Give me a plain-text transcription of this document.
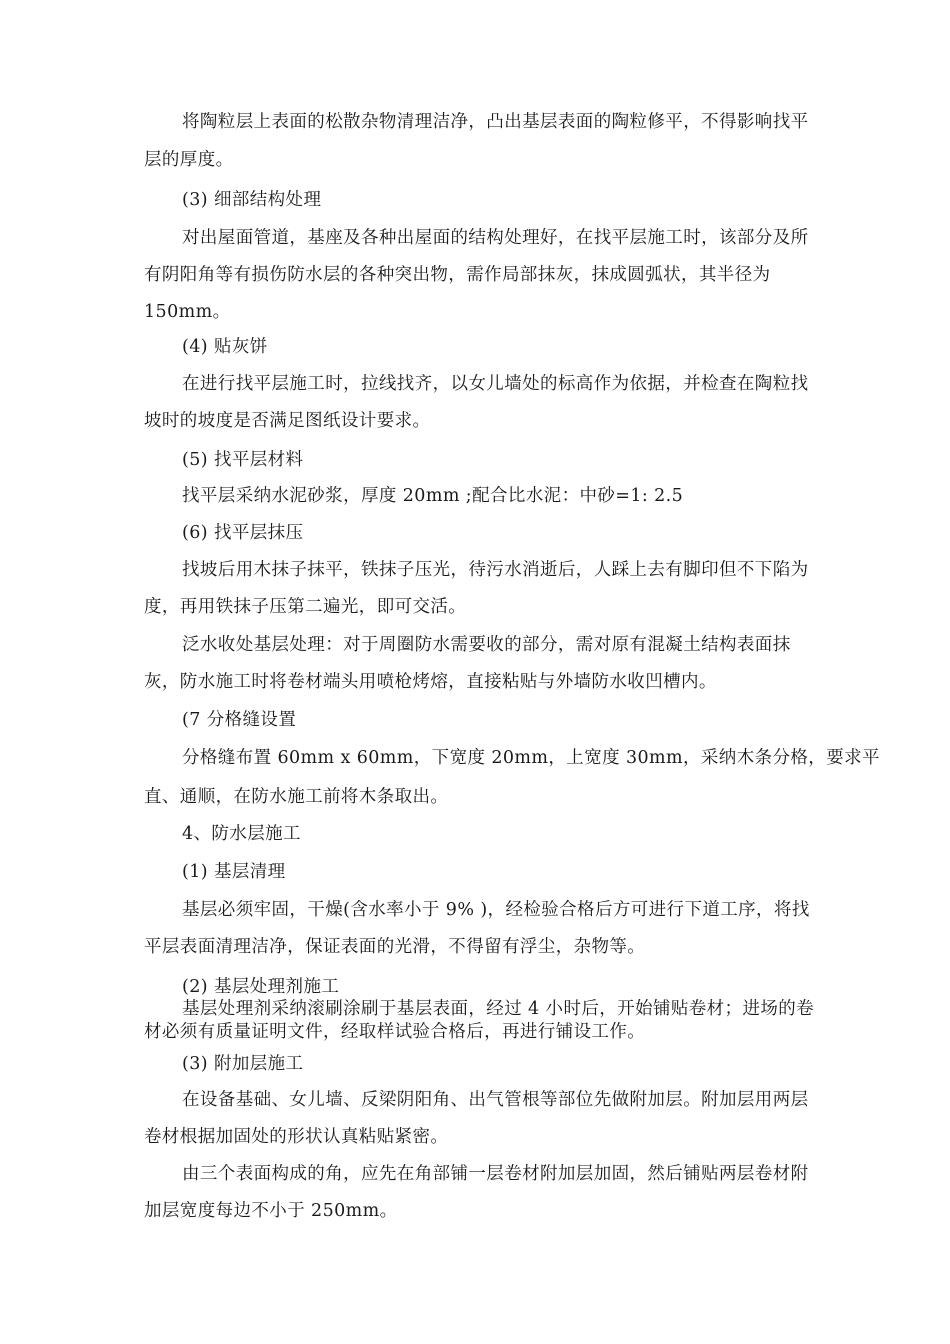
将陶粒层上表面的松散杂物清理洁净，凸出基层表面的陶粒修平，不得影响找平
层的厚度。
(3) 细部结构处理
对出屋面管道，基座及各种出屋面的结构处理好，在找平层施工时，该部分及所
有阴阳角等有损伤防水层的各种突出物，需作局部抹灰，抹成圆弧状，其半径为
150mm。
(4) 贴灰饼
在进行找平层施工时，拉线找齐，以女儿墙处的标高作为依据，并检查在陶粒找
坡时的坡度是否满足图纸设计要求。
(5) 找平层材料
找平层采纳水泥砂浆，厚度 20mm ;配合比水泥：中砂=1: 2.5
(6) 找平层抹压
找坡后用木抹子抹平，铁抹子压光，待污水消逝后，人踩上去有脚印但不下陷为
度，再用铁抹子压第二遍光，即可交活。
泛水收处基层处理：对于周圈防水需要收的部分，需对原有混凝土结构表面抹
灰，防水施工时将卷材端头用喷枪烤熔，直接粘贴与外墙防水收凹槽内。
(7 分格缝设置
分格缝布置 60mm x 60mm，下宽度 20mm，上宽度 30mm，采纳木条分格，要求平
直、通顺，在防水施工前将木条取出。
4、防水层施工
(1) 基层清理
基层必须牢固，干燥(含水率小于 9% )，经检验合格后方可进行下道工序，将找
平层表面清理洁净，保证表面的光滑，不得留有浮尘，杂物等。
(2) 基层处理剂施工
基层处理剂采纳滚刷涂刷于基层表面，经过 4 小时后，开始铺贴卷材；进场的卷
材必须有质量证明文件，经取样试验合格后，再进行铺设工作。
(3) 附加层施工
在设备基础、女儿墙、反梁阴阳角、出气管根等部位先做附加层。附加层用两层
卷材根据加固处的形状认真粘贴紧密。
由三个表面构成的角，应先在角部铺一层卷材附加层加固，然后铺贴两层卷材附
加层宽度每边不小于 250mm。
